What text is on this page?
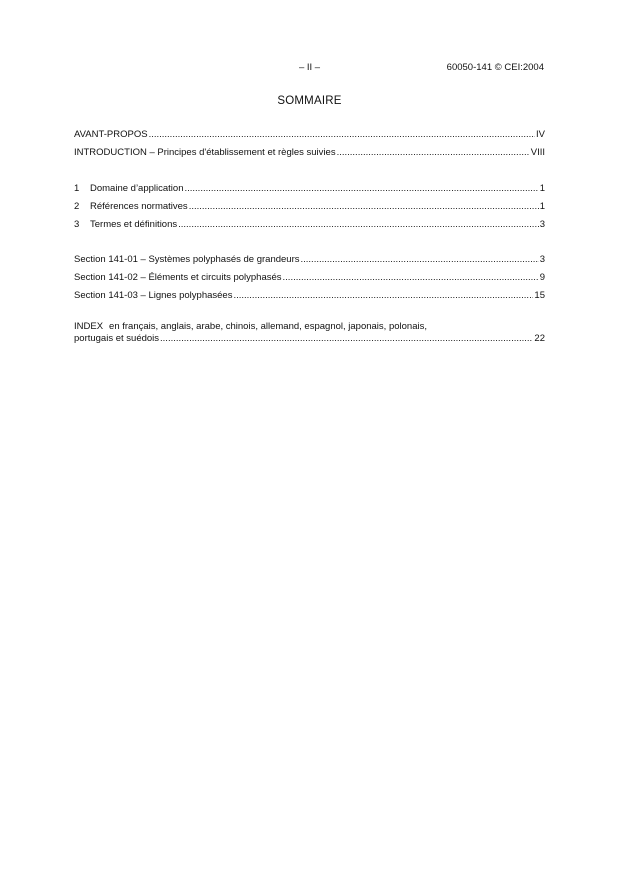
– II –	60050-141 © CEI:2004
SOMMAIRE
AVANT-PROPOS .....	IV
INTRODUCTION – Principes d'établissement et règles suivies .....	VIII
1 Domaine d’application .....	1
2 Références normatives .....	1
3 Termes et définitions .....	3
Section 141-01 – Systèmes polyphasés de grandeurs .....	3
Section 141-02 – Éléments et circuits polyphasés .....	9
Section 141-03 – Lignes polyphasées .....	15
INDEX en français, anglais, arabe, chinois, allemand, espagnol, japonais, polonais,
portugais et suédois .....	22
